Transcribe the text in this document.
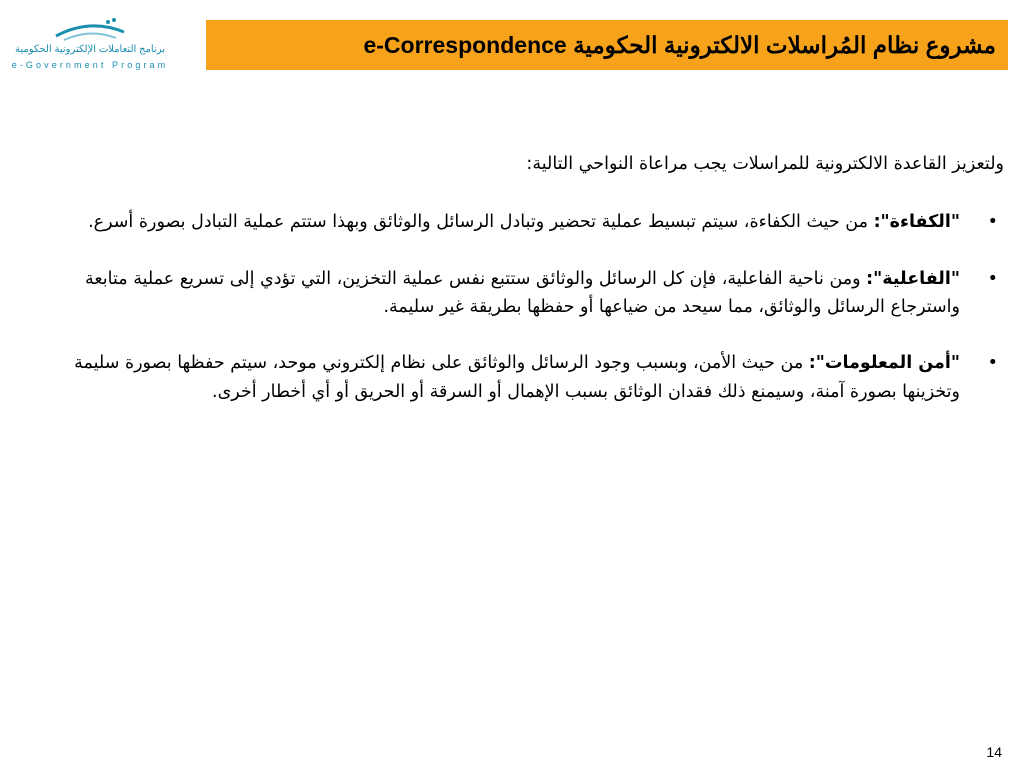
برنامج التعاملات الإلكترونية الحكومية
e-Government Program
مشروع نظام المُراسلات الالكترونية الحكومية e-Correspondence

ولتعزيز القاعدة الالكترونية للمراسلات يجب مراعاة النواحي التالية:

•
"الكفاءة": من حيث الكفاءة، سيتم تبسيط عملية تحضير وتبادل الرسائل والوثائق وبهذا ستتم عملية التبادل بصورة أسرع.
•
"الفاعلية": ومن ناحية الفاعلية، فإن كل الرسائل والوثائق ستتبع نفس عملية التخزين، التي تؤدي إلى تسريع عملية متابعة واسترجاع الرسائل والوثائق، مما سيحد من ضياعها أو حفظها بطريقة غير سليمة.
•
"أمن المعلومات": من حيث الأمن، وبسبب وجود الرسائل والوثائق على نظام إلكتروني موحد، سيتم حفظها بصورة سليمة وتخزينها بصورة آمنة، وسيمنع ذلك فقدان الوثائق بسبب الإهمال أو السرقة أو الحريق أو أي أخطار أخرى.
14
